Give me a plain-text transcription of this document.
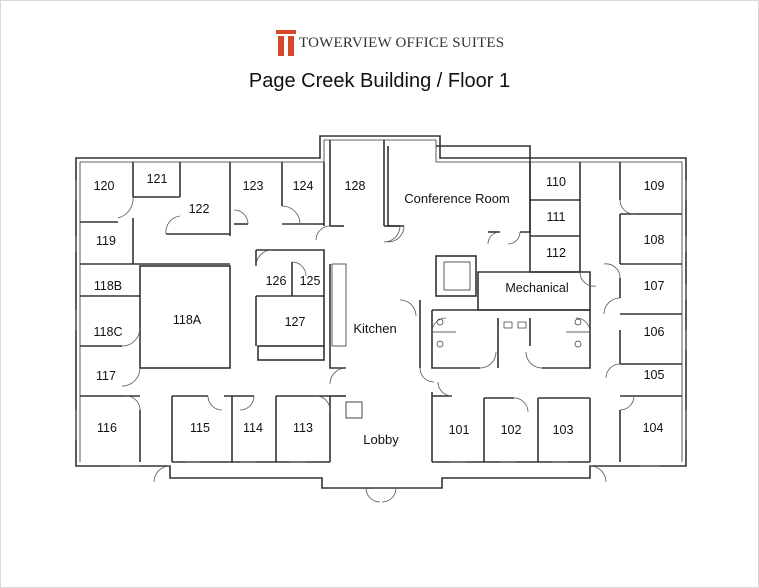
TOWERVIEW OFFICE SUITES
Page Creek Building / Floor 1
120	121
122
123 124 128
Conference Room
110	109
111
108
112
119
118B
118A
126 125
127	Kitchen
Mechanical	107
118C	106
117	105
116	115	114 113
Lobby
101 102 103	104
